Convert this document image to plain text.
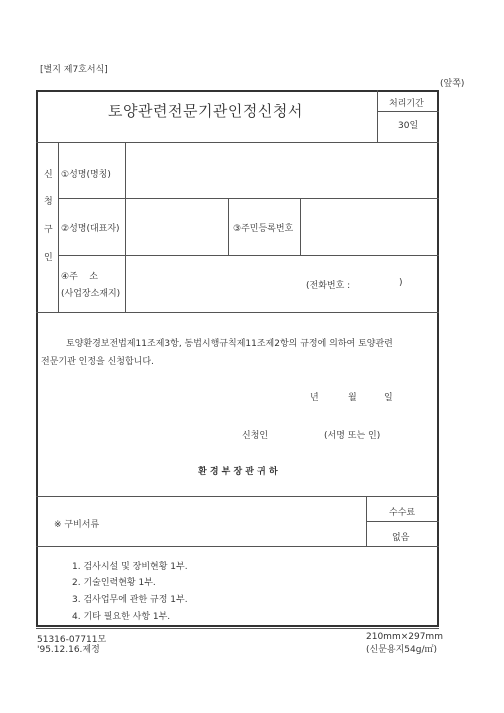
[별지 제7호서식]
(앞쪽)
토양관련전문기관인정신청서	처리기간
30일
신
청
구
인
①성명(명칭)
②성명(대표자)	③주민등록번호
④주    소
(사업장소재지)
(전화번호 :	)
토양환경보전법제11조제3항, 동법시행규칙제11조제2항의 규정에 의하여 토양관련
전문기관 인정을 신청합니다.
년	월	일
신청인	(서명 또는 인)
환 경 부 장 관 귀 하
※ 구비서류
1. 검사시설 및 장비현황 1부.
2. 기술인력현황 1부.
3. 검사업무에 관한 규정 1부.
4. 기타 필요한 사항 1부.
수수료
없음
51316-07711모
'95.12.16.제정
210mm×297mm
(신문용지54g/㎡)
